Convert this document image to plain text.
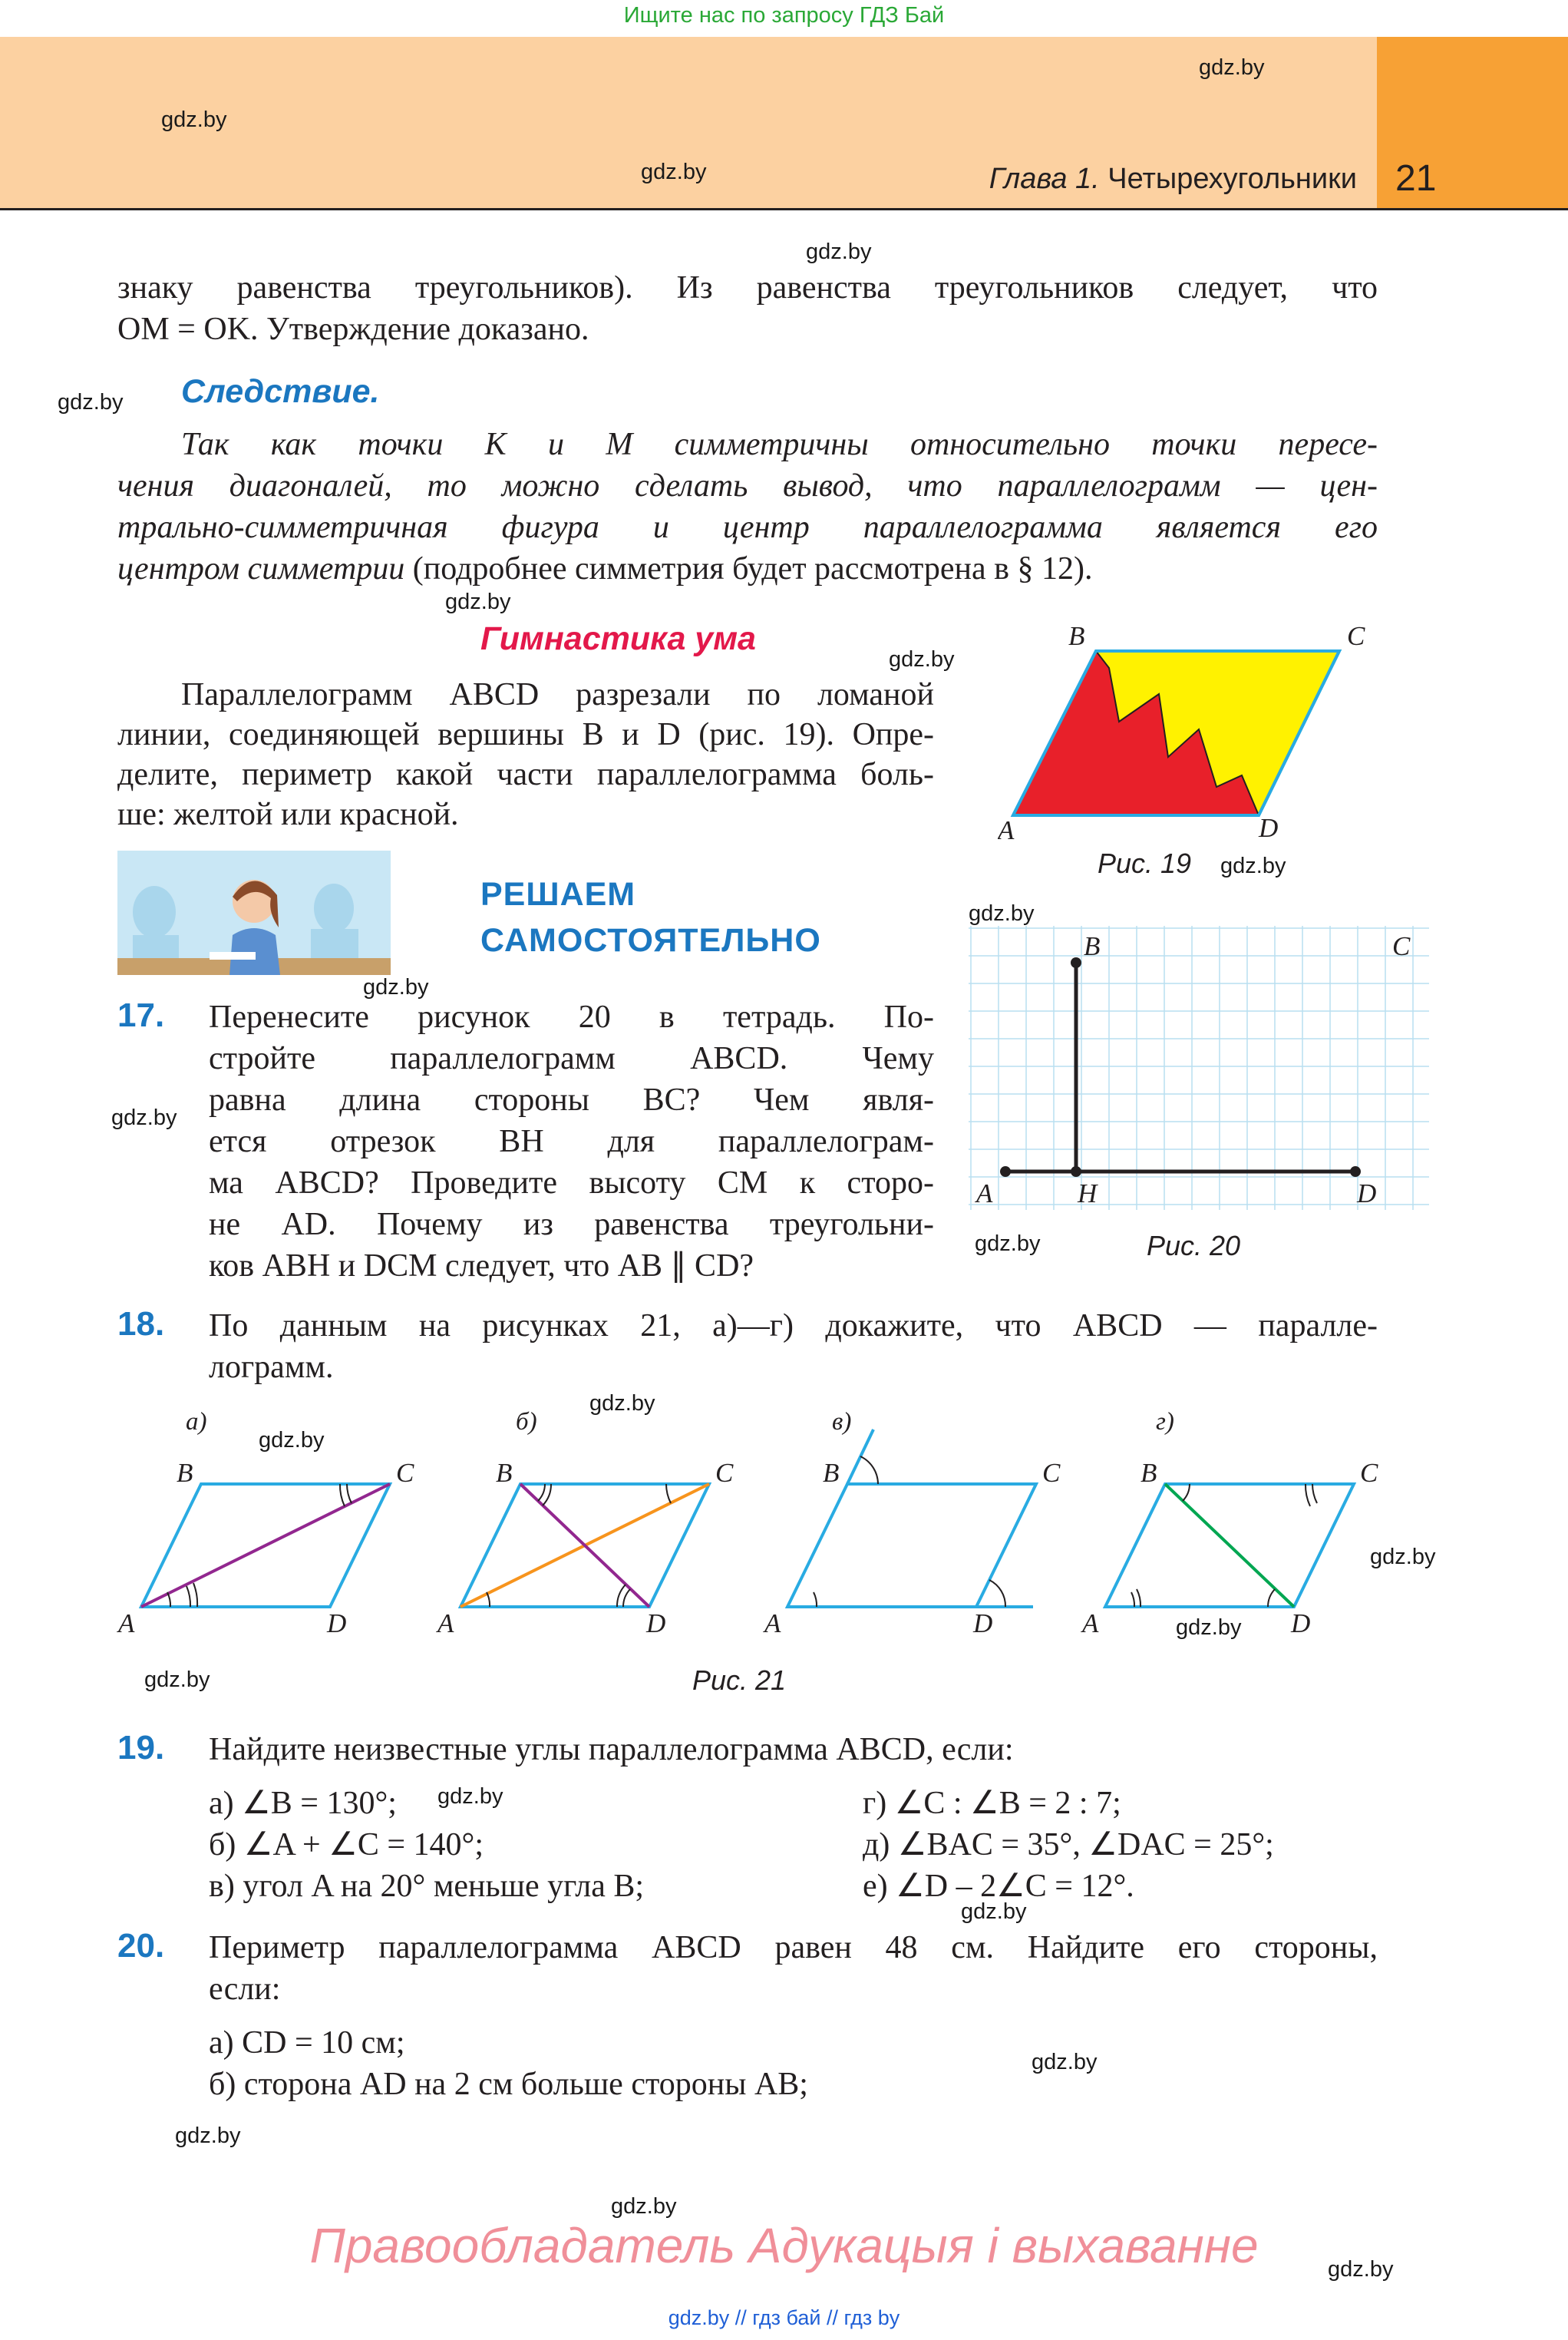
Ищите нас по запросу ГДЗ Бай
Глава 1. Четырехугольники 21
gdz.by
gdz.by
gdz.by
gdz.by
gdz.by
gdz.by
gdz.by
gdz.by
gdz.by
gdz.by
gdz.by
gdz.by
gdz.by
gdz.by
gdz.by
gdz.by
gdz.by
gdz.by
gdz.by
gdz.by
gdz.by
gdz.by
gdz.by
знаку равенства треугольников). Из равенства треугольников следует, что
OM = OK. Утверждение доказано.
Следствие.
Так как точки K и M симметричны относительно точки пересе-
чения диагоналей, то можно сделать вывод, что параллелограмм — цен-
трально-симметричная фигура и центр параллелограмма является его
центром симметрии (подробнее симметрия будет рассмотрена в § 12).
Гимнастика ума
Параллелограмм ABCD разрезали по ломаной
линии, соединяющей вершины B и D (рис. 19). Опре-
делите, периметр какой части параллелограмма боль-
ше: желтой или красной.
B	C
A	D
Рис. 19
РЕШАЕМ
САМОСТОЯТЕЛЬНО	B	C
A	H	D
Рис. 20
17. Перенесите рисунок 20 в тетрадь. По-
стройте параллелограмм ABCD. Чему
равна длина стороны BC? Чем явля-
ется отрезок BH для параллелограм-
ма ABCD? Проведите высоту CM к сторо-
не AD. Почему из равенства треугольни-
ков ABH и DCM следует, что AB ∥ CD?
18. По данным на рисунках 21, а)—г) докажите, что ABCD — паралле-
лограмм.
а)
B	C
A	D
б)
B	C
A	D
в)
B	C
A	D
г)
B	C
A	D
Рис. 21
19. Найдите неизвестные углы параллелограмма ABCD, если:
а) ∠B = 130°;
б) ∠A + ∠C = 140°;
в) угол A на 20° меньше угла B;
г) ∠C : ∠B = 2 : 7;
д) ∠BAC = 35°, ∠DAC = 25°;
е) ∠D – 2∠C = 12°.
20. Периметр параллелограмма ABCD равен 48 см. Найдите его стороны,
если:
а) CD = 10 см;
б) сторона AD на 2 см больше стороны AB;
Правообладатель Адукацыя і выхаванне
gdz.by // гдз бай // гдз by
